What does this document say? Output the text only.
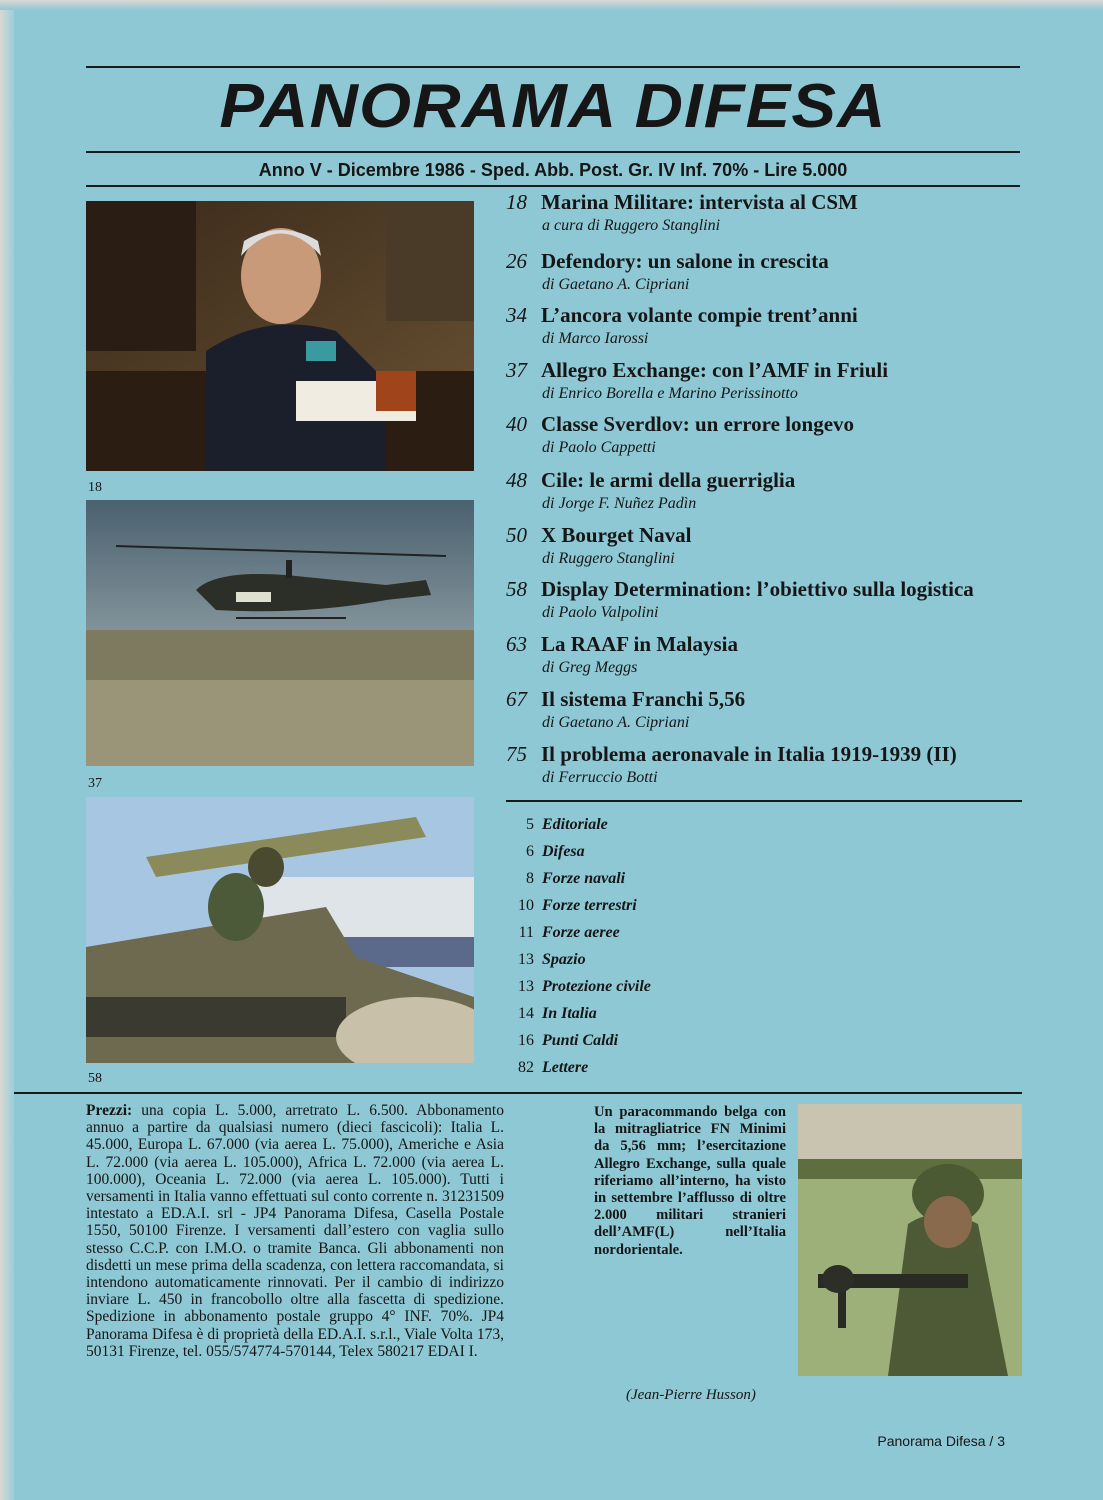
PANORAMA DIFESA
Anno V - Dicembre 1986 - Sped. Abb. Post. Gr. IV Inf. 70% - Lire 5.000
18
37
58
18 Marina Militare: intervista al CSM
a cura di Ruggero Stanglini
26 Defendory: un salone in crescita
di Gaetano A. Cipriani
34 L’ancora volante compie trent’anni
di Marco Iarossi
37 Allegro Exchange: con l’AMF in Friuli
di Enrico Borella e Marino Perissinotto
40 Classe Sverdlov: un errore longevo
di Paolo Cappetti
48 Cile: le armi della guerriglia
di Jorge F. Nuñez Padìn
50 X Bourget Naval
di Ruggero Stanglini
58 Display Determination: l’obiettivo sulla logistica
di Paolo Valpolini
63 La RAAF in Malaysia
di Greg Meggs
67 Il sistema Franchi 5,56
di Gaetano A. Cipriani
75 Il problema aeronavale in Italia 1919-1939 (II)
di Ferruccio Botti
5 Editoriale
6 Difesa
8 Forze navali
10 Forze terrestri
11 Forze aeree
13 Spazio
13 Protezione civile
14 In Italia
16 Punti Caldi
82 Lettere
Prezzi: una copia L. 5.000, arretrato L. 6.500. Abbonamento annuo a partire da qualsiasi numero (dieci fascicoli): Italia L. 45.000, Europa L. 67.000 (via aerea L. 75.000), Americhe e Asia L. 72.000 (via aerea L. 105.000), Africa L. 72.000 (via aerea L. 100.000), Oceania L. 72.000 (via aerea L. 105.000). Tutti i versamenti in Italia vanno effettuati sul conto corrente n. 31231509 intestato a ED.A.I. srl - JP4 Panorama Difesa, Casella Postale 1550, 50100 Firenze. I versamenti dall’estero con vaglia sullo stesso C.C.P. con I.M.O. o tramite Banca. Gli abbonamenti non disdetti un mese prima della scadenza, con lettera raccomandata, si intendono automaticamente rinnovati. Per il cambio di indirizzo inviare L. 450 in francobollo oltre alla fascetta di spedizione. Spedizione in abbonamento postale gruppo 4° INF. 70%. JP4 Panorama Difesa è di proprietà della ED.A.I. s.r.l., Viale Volta 173, 50131 Firenze, tel. 055/574774-570144, Telex 580217 EDAI I.
Un paracommando belga con la mitragliatrice FN Minimi da 5,56 mm; l’esercitazione Allegro Exchange, sulla quale riferiamo all’interno, ha visto in settembre l’afflusso di oltre 2.000 militari stranieri dell’AMF(L) nell’Italia nordorientale.
(Jean-Pierre Husson)
Panorama Difesa / 3
